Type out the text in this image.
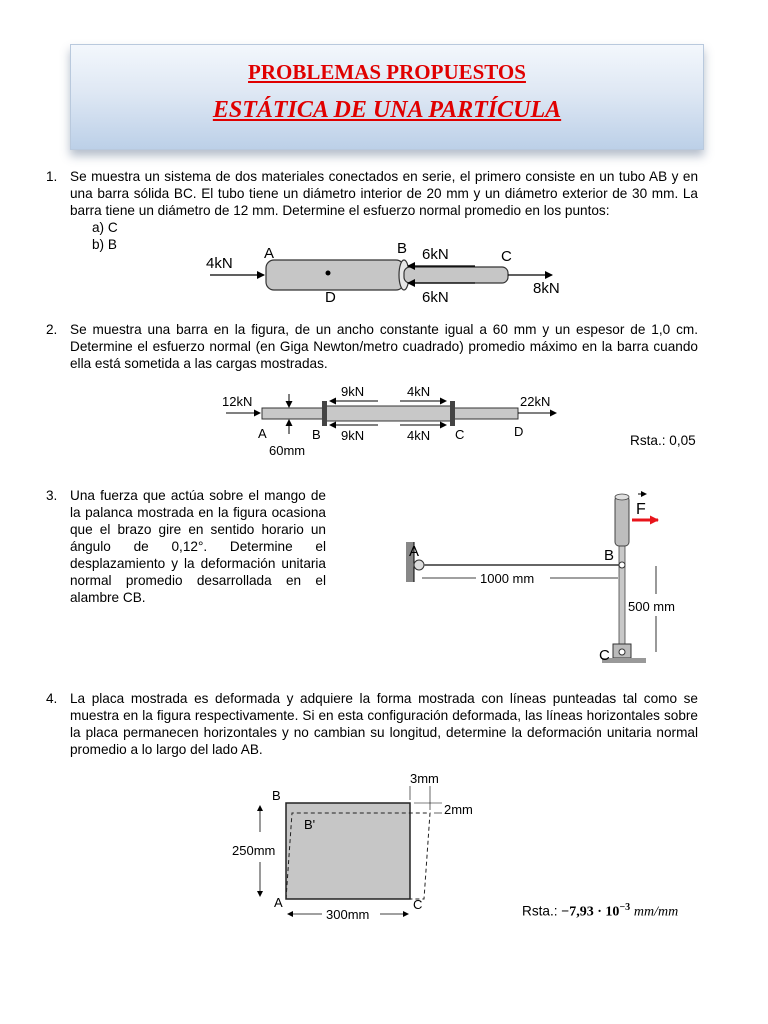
PROBLEMAS PROPUESTOS
ESTÁTICA DE UNA PARTÍCULA
1. Se muestra un sistema de dos materiales conectados en serie, el primero consiste en un tubo AB y en una barra sólida BC. El tubo tiene un diámetro interior de 20 mm y un diámetro exterior de 30 mm. La barra tiene un diámetro de 12 mm. Determine el esfuerzo normal promedio en los puntos:
a) C
b) B
A	B	C
D
4kN
6kN
6kN
8kN
2. Se muestra una barra en la figura, de un ancho constante igual a 60 mm y un espesor de 1,0 cm. Determine el esfuerzo normal (en Giga Newton/metro cuadrado) promedio máximo en la barra cuando ella está sometida a las cargas mostradas.
12kN
9kN
9kN
4kN
4kN
22kN
A	B	C	D
60mm
Rsta.: 0,05
3. Una fuerza que actúa sobre el mango de la palanca mostrada en la figura ocasiona que el brazo gire en sentido horario un ángulo de 0,12°. Determine el desplazamiento y la deformación unitaria normal promedio desarrollada en el alambre CB.
F
1000 mm
500 mm
A	B
C
4. La placa mostrada es deformada y adquiere la forma mostrada con líneas punteadas tal como se muestra en la figura respectivamente. Si en esta configuración deformada, las líneas horizontales sobre la placa permanecen horizontales y no cambian su longitud, determine la deformación unitaria normal promedio a lo largo del lado AB.
B
B'
A	C
250mm
300mm
3mm
2mm
Rsta.: $-7,93 \cdot 10^{-3}$ mm/mm
